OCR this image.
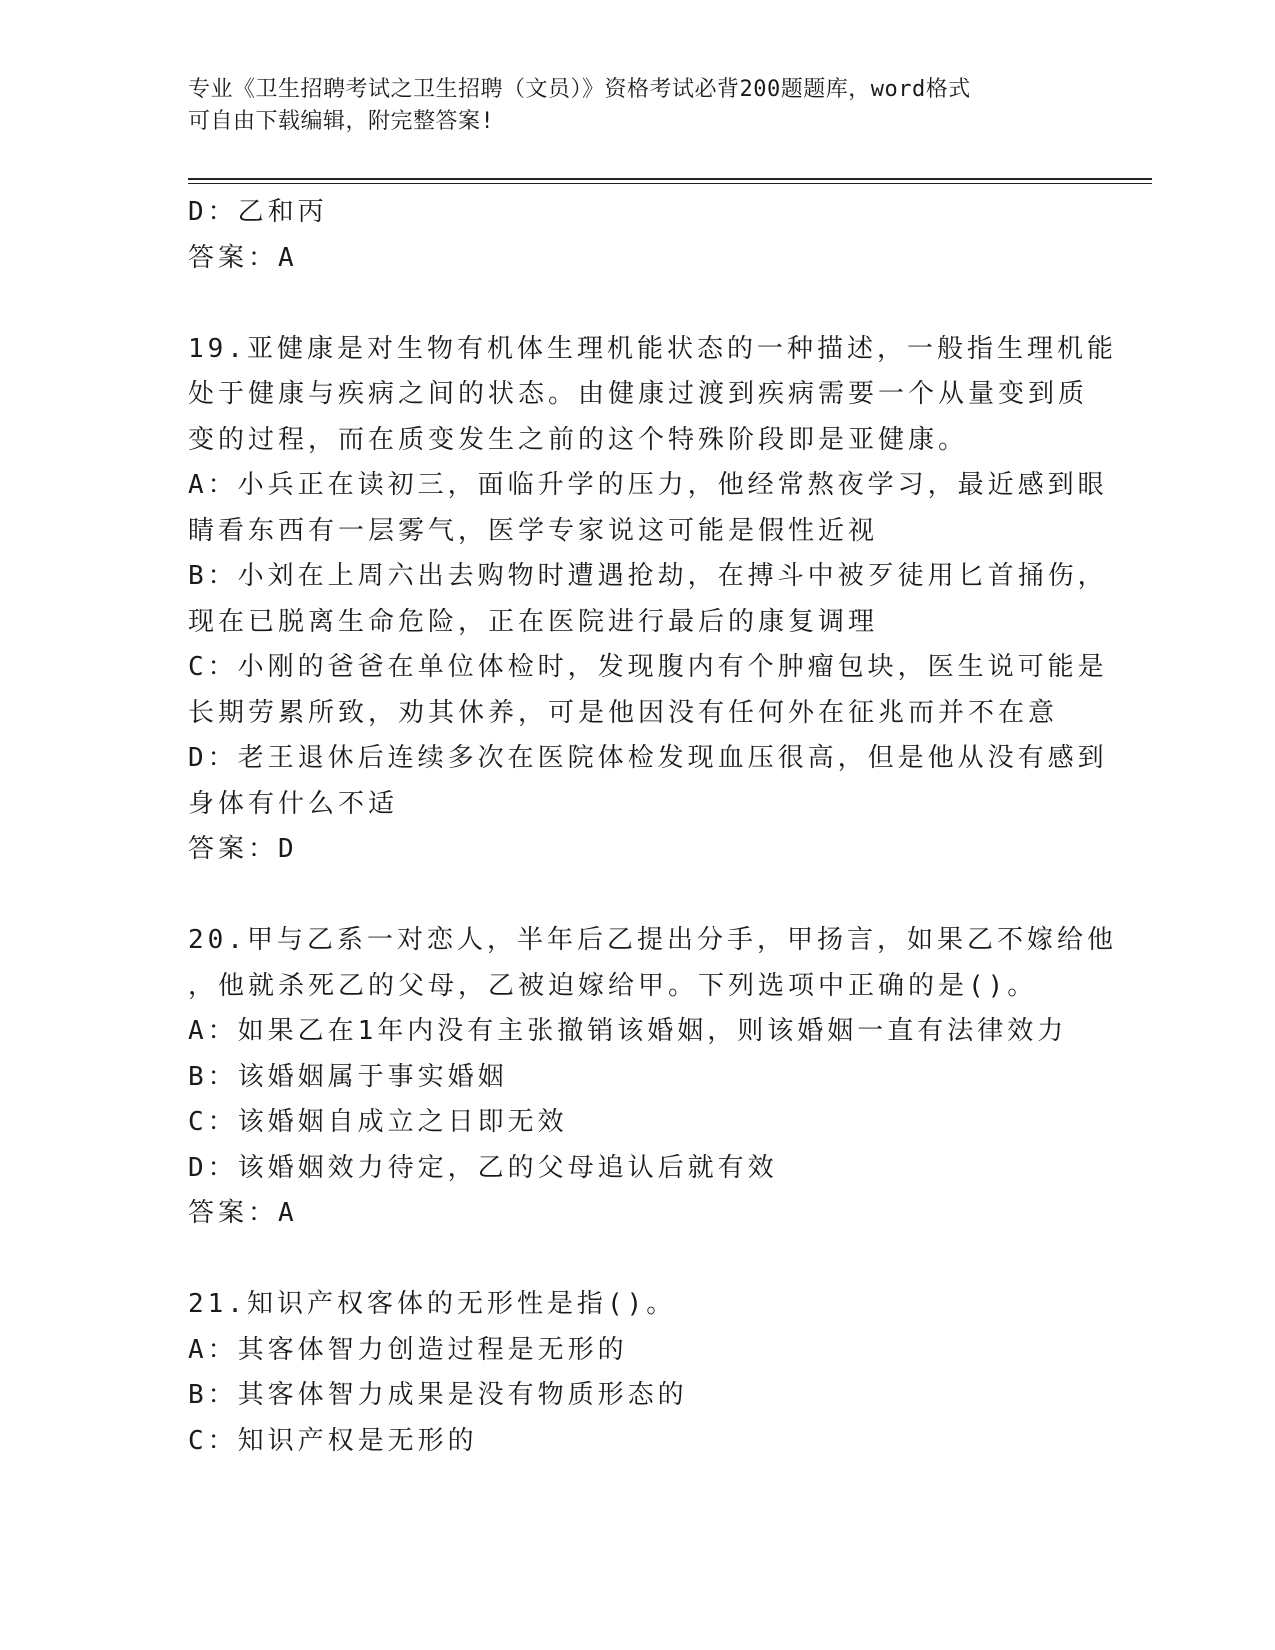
专业《卫生招聘考试之卫生招聘（文员）》资格考试必背200题题库，word格式
可自由下载编辑，附完整答案!
D：乙和丙
答案：A
19.亚健康是对生物有机体生理机能状态的一种描述，一般指生理机能
处于健康与疾病之间的状态。由健康过渡到疾病需要一个从量变到质
变的过程，而在质变发生之前的这个特殊阶段即是亚健康。
A：小兵正在读初三，面临升学的压力，他经常熬夜学习，最近感到眼
睛看东西有一层雾气，医学专家说这可能是假性近视
B：小刘在上周六出去购物时遭遇抢劫，在搏斗中被歹徒用匕首捅伤，
现在已脱离生命危险，正在医院进行最后的康复调理
C：小刚的爸爸在单位体检时，发现腹内有个肿瘤包块，医生说可能是
长期劳累所致，劝其休养，可是他因没有任何外在征兆而并不在意
D：老王退休后连续多次在医院体检发现血压很高，但是他从没有感到
身体有什么不适
答案：D
20.甲与乙系一对恋人，半年后乙提出分手，甲扬言，如果乙不嫁给他
，他就杀死乙的父母，乙被迫嫁给甲。下列选项中正确的是()。
A：如果乙在1年内没有主张撤销该婚姻，则该婚姻一直有法律效力
B：该婚姻属于事实婚姻
C：该婚姻自成立之日即无效
D：该婚姻效力待定，乙的父母追认后就有效
答案：A
21.知识产权客体的无形性是指()。
A：其客体智力创造过程是无形的
B：其客体智力成果是没有物质形态的
C：知识产权是无形的
